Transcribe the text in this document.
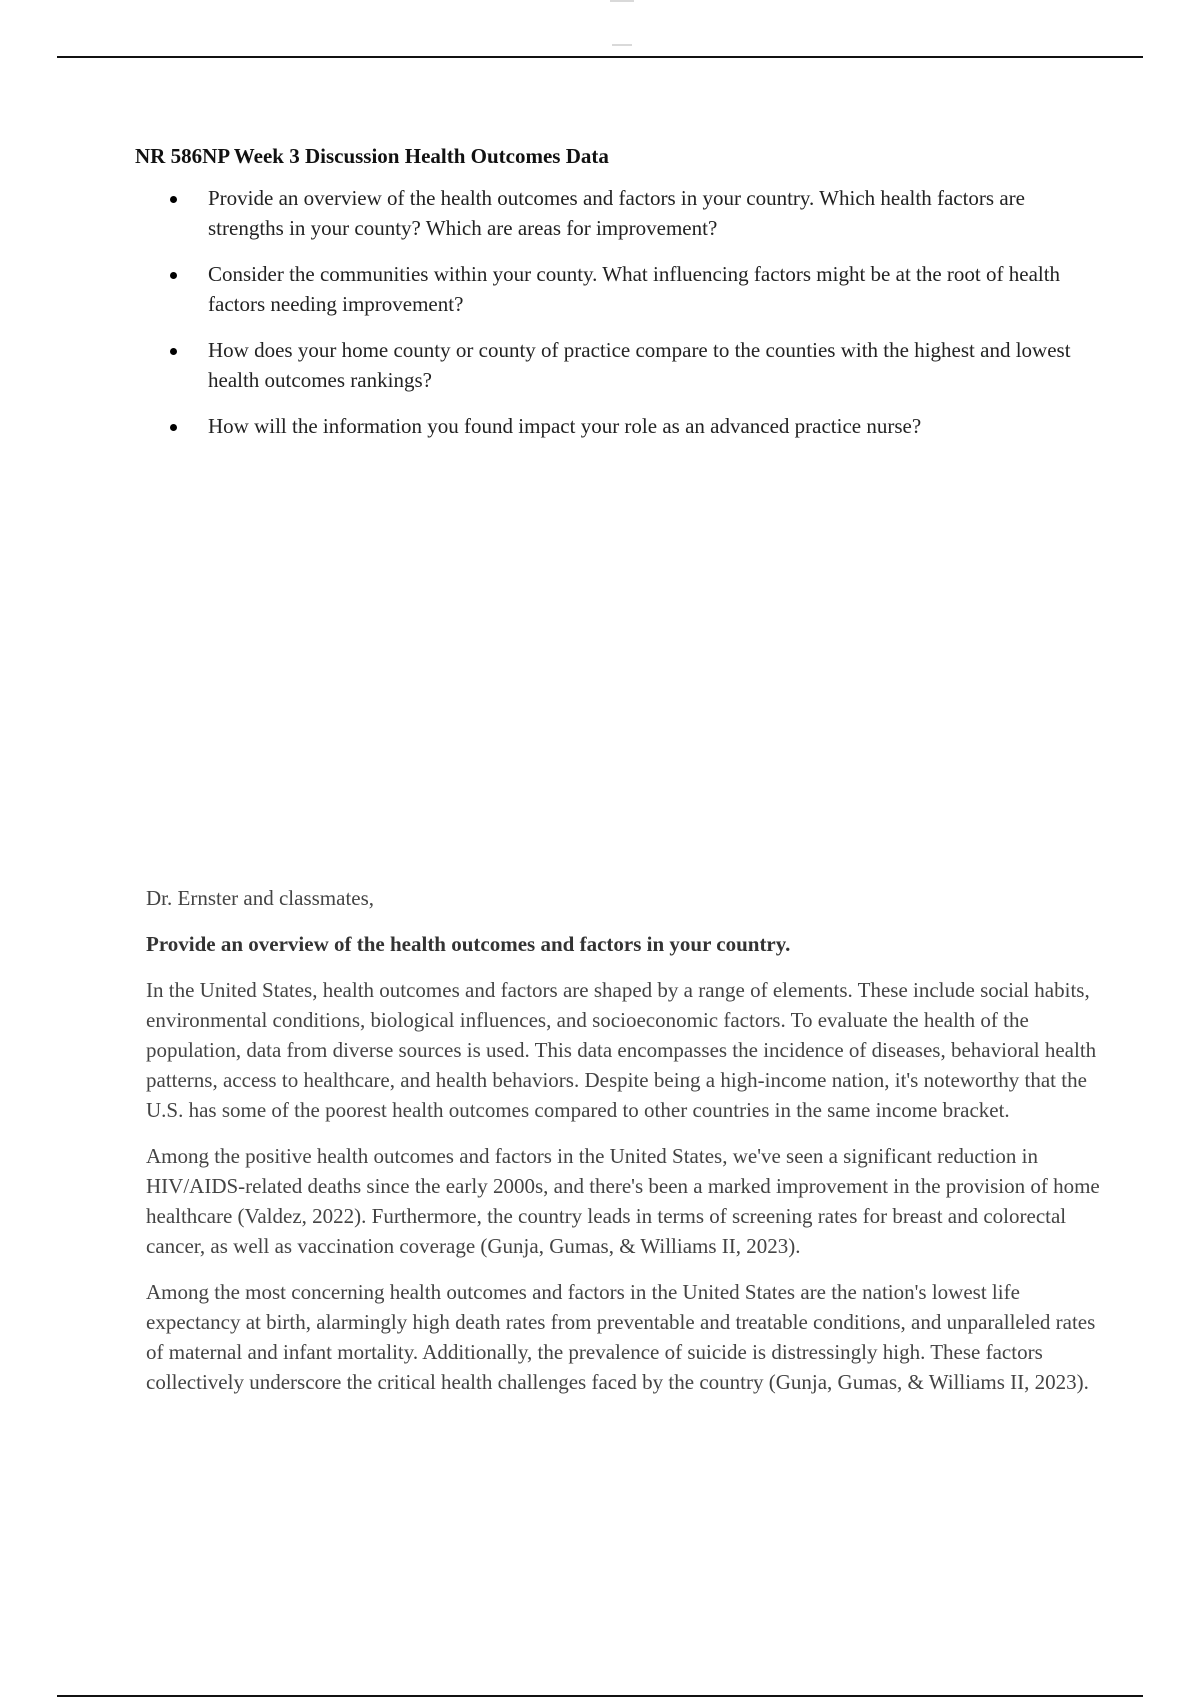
NR 586NP Week 3 Discussion Health Outcomes Data
Provide an overview of the health outcomes and factors in your country. Which health factors are strengths in your county? Which are areas for improvement?
Consider the communities within your county. What influencing factors might be at the root of health factors needing improvement?
How does your home county or county of practice compare to the counties with the highest and lowest health outcomes rankings?
How will the information you found impact your role as an advanced practice nurse?

Dr. Ernster and classmates,

Provide an overview of the health outcomes and factors in your country.

In the United States, health outcomes and factors are shaped by a range of elements. These include social habits, environmental conditions, biological influences, and socioeconomic factors. To evaluate the health of the population, data from diverse sources is used. This data encompasses the incidence of diseases, behavioral health patterns, access to healthcare, and health behaviors. Despite being a high-income nation, it's noteworthy that the U.S. has some of the poorest health outcomes compared to other countries in the same income bracket.

Among the positive health outcomes and factors in the United States, we've seen a significant reduction in HIV/AIDS-related deaths since the early 2000s, and there's been a marked improvement in the provision of home healthcare (Valdez, 2022). Furthermore, the country leads in terms of screening rates for breast and colorectal cancer, as well as vaccination coverage (Gunja, Gumas, & Williams II, 2023).

Among the most concerning health outcomes and factors in the United States are the nation's lowest life expectancy at birth, alarmingly high death rates from preventable and treatable conditions, and unparalleled rates of maternal and infant mortality. Additionally, the prevalence of suicide is distressingly high. These factors collectively underscore the critical health challenges faced by the country (Gunja, Gumas, & Williams II, 2023).
